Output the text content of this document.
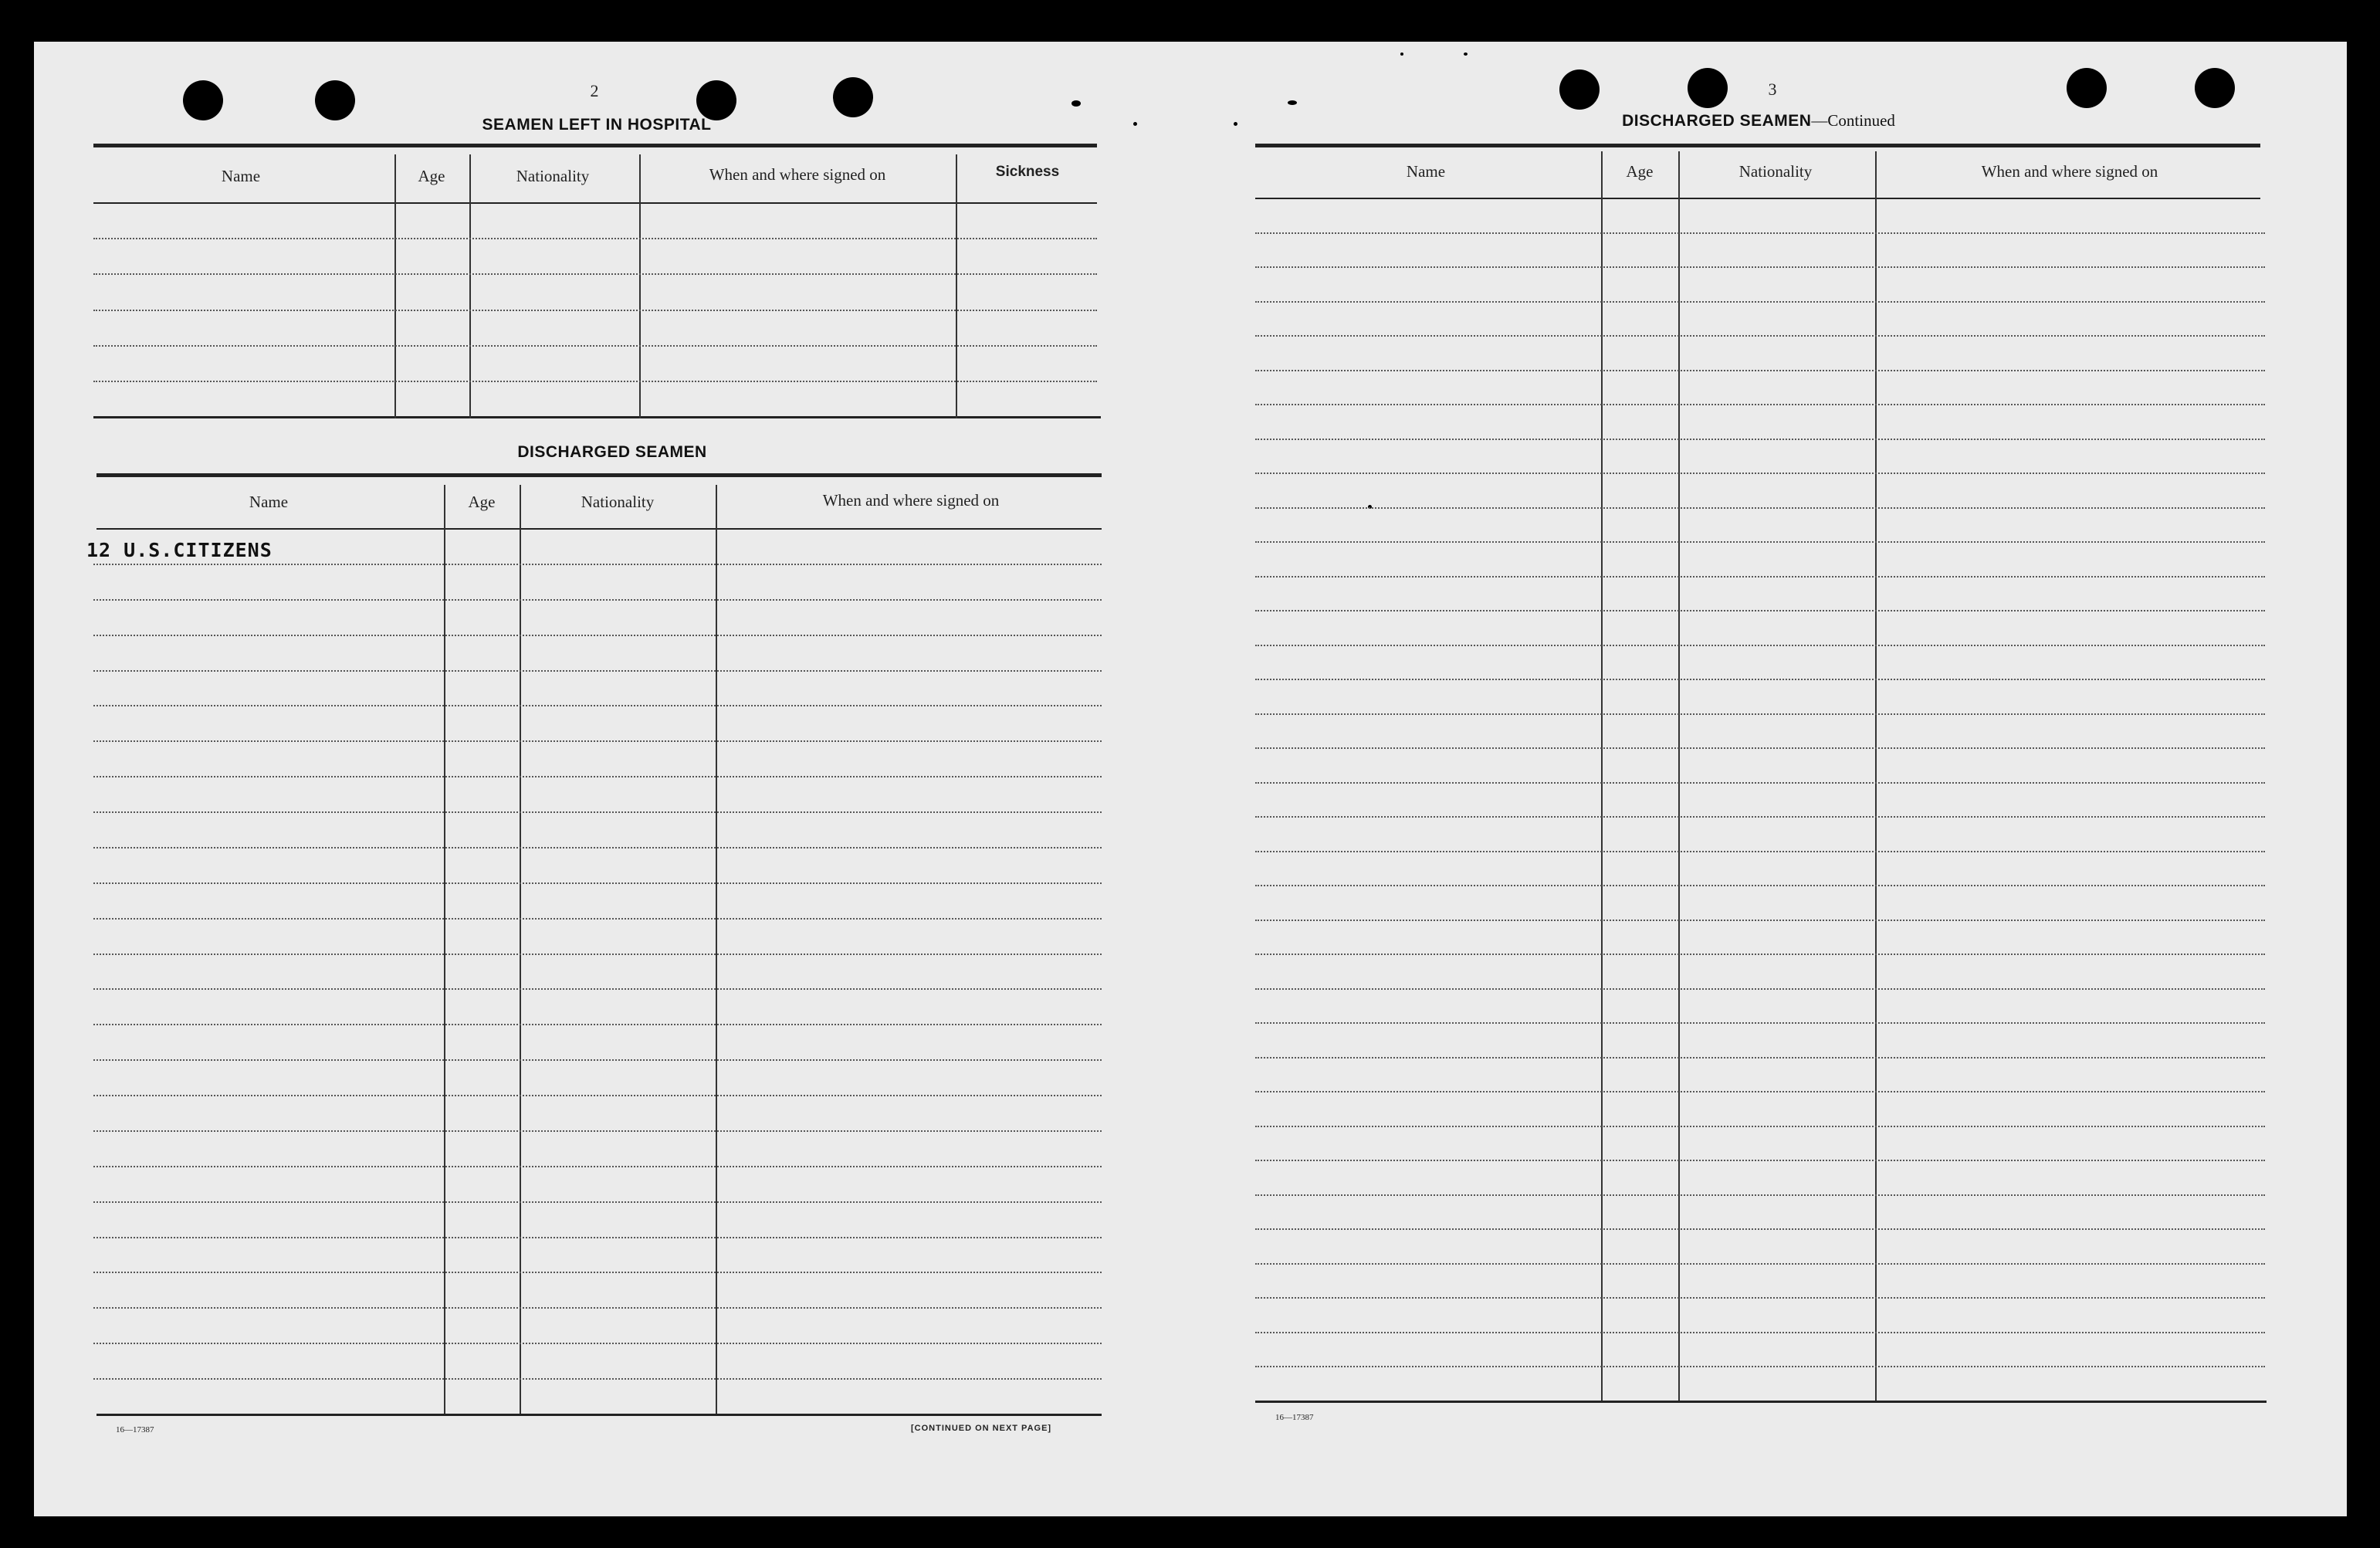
2
SEAMEN LEFT IN HOSPITAL
Name	Age	Nationality	When and where signed on	Sickness
DISCHARGED SEAMEN
Name	Age	Nationality	When and where signed on
12 U.S.CITIZENS
16—17387	[CONTINUED ON NEXT PAGE]
3
DISCHARGED SEAMEN—Continued
Name	Age	Nationality	When and where signed on
16—17387
